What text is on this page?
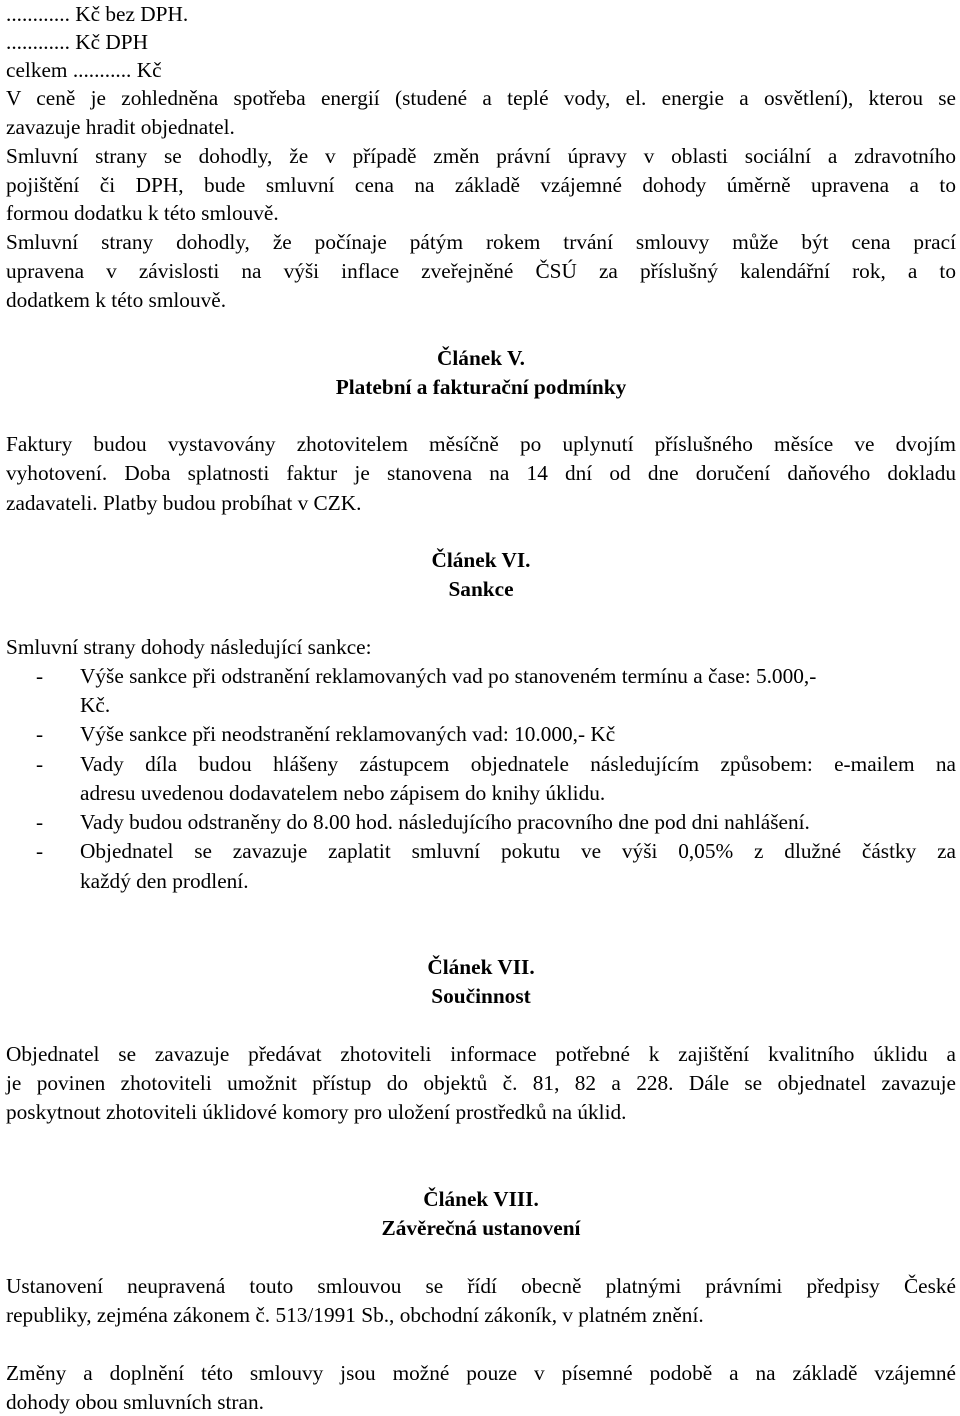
............ Kč bez DPH.
............ Kč DPH
celkem ........... Kč
V ceně je zohledněna spotřeba energií (studené a teplé vody, el. energie a osvětlení), kterou se
zavazuje hradit objednatel.
Smluvní strany se dohodly, že v případě změn právní úpravy v oblasti sociální a zdravotního
pojištění či DPH, bude smluvní cena na základě vzájemné dohody úměrně upravena a to
formou dodatku k této smlouvě.
Smluvní strany dohodly, že počínaje pátým rokem trvání smlouvy může být cena prací
upravena v závislosti na výši inflace zveřejněné ČSÚ za příslušný kalendářní rok, a to
dodatkem k této smlouvě.
Článek V.
Platební a fakturační podmínky
Faktury budou vystavovány zhotovitelem měsíčně po uplynutí příslušného měsíce ve dvojím
vyhotovení. Doba splatnosti faktur je stanovena na 14 dní od dne doručení daňového dokladu
zadavateli. Platby budou probíhat v CZK.
Článek VI.
Sankce
Smluvní strany dohody následující sankce:
- Výše sankce při odstranění reklamovaných vad po stanoveném termínu a čase: 5.000,-
Kč.
- Výše sankce při neodstranění reklamovaných vad: 10.000,- Kč
- Vady díla budou hlášeny zástupcem objednatele následujícím způsobem: e-mailem na
adresu uvedenou dodavatelem nebo zápisem do knihy úklidu.
- Vady budou odstraněny do 8.00 hod. následujícího pracovního dne pod dni nahlášení.
- Objednatel se zavazuje zaplatit smluvní pokutu ve výši 0,05% z dlužné částky za
každý den prodlení.
Článek VII.
Součinnost
Objednatel se zavazuje předávat zhotoviteli informace potřebné k zajištění kvalitního úklidu a
je povinen zhotoviteli umožnit přístup do objektů č. 81, 82 a 228. Dále se objednatel zavazuje
poskytnout zhotoviteli úklidové komory pro uložení prostředků na úklid.
Článek VIII.
Závěrečná ustanovení
Ustanovení neupravená touto smlouvou se řídí obecně platnými právními předpisy České
republiky, zejména zákonem č. 513/1991 Sb., obchodní zákoník, v platném znění.
Změny a doplnění této smlouvy jsou možné pouze v písemné podobě a na základě vzájemné
dohody obou smluvních stran.
